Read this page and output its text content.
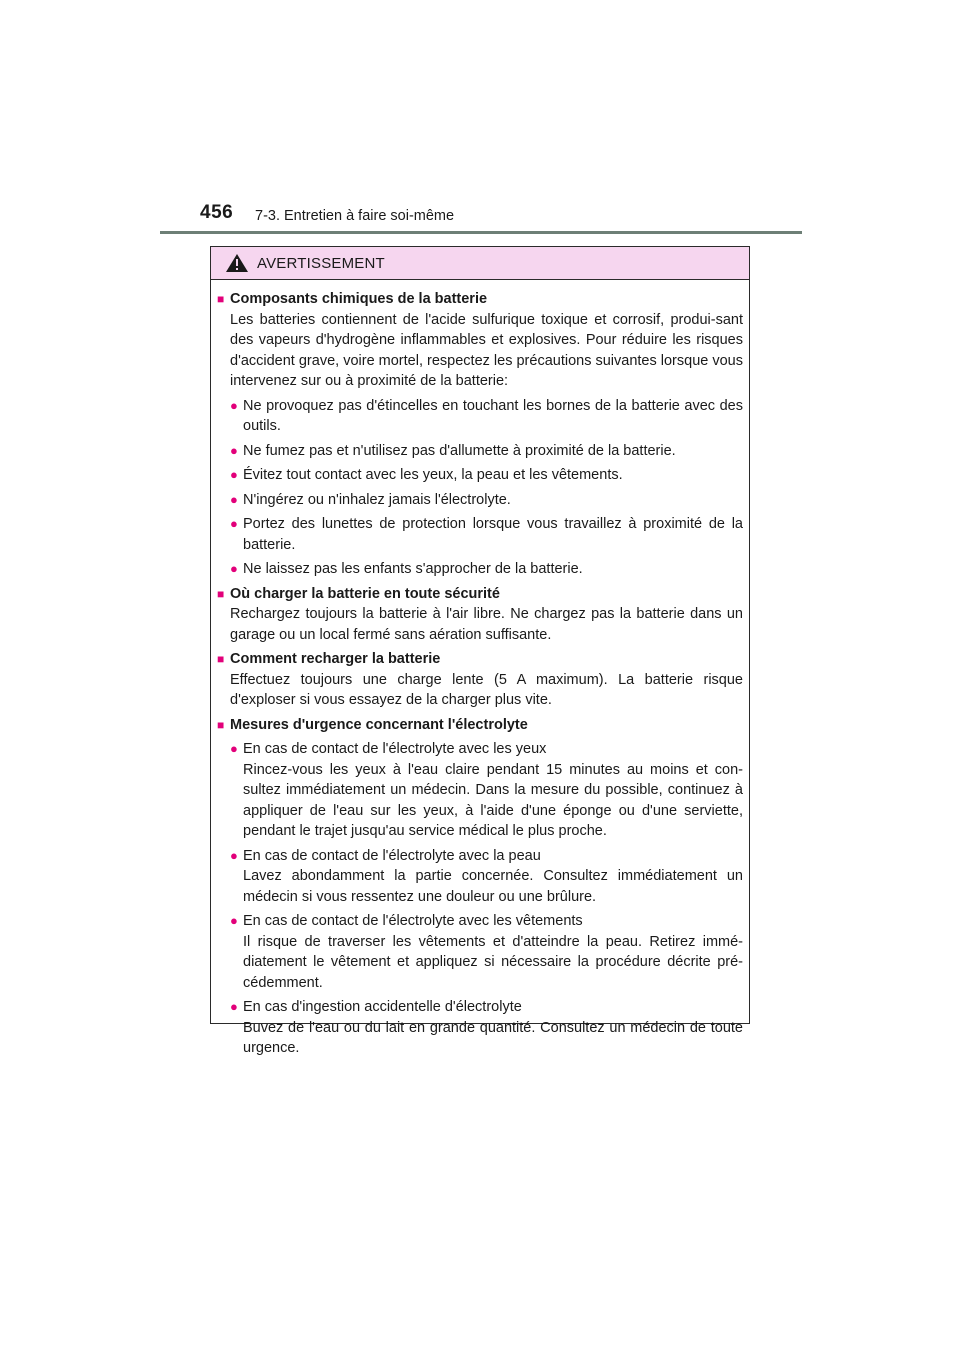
456 7-3. Entretien à faire soi-même
AVERTISSEMENT
■ Composants chimiques de la batterie
Les batteries contiennent de l'acide sulfurique toxique et corrosif, produi-sant des vapeurs d'hydrogène inflammables et explosives. Pour réduire les risques d'accident grave, voire mortel, respectez les précautions suivantes lorsque vous intervenez sur ou à proximité de la batterie:
● Ne provoquez pas d'étincelles en touchant les bornes de la batterie avec des outils.
● Ne fumez pas et n'utilisez pas d'allumette à proximité de la batterie.
● Évitez tout contact avec les yeux, la peau et les vêtements.
● N'ingérez ou n'inhalez jamais l'électrolyte.
● Portez des lunettes de protection lorsque vous travaillez à proximité de la batterie.
● Ne laissez pas les enfants s'approcher de la batterie.
■ Où charger la batterie en toute sécurité
Rechargez toujours la batterie à l'air libre. Ne chargez pas la batterie dans un garage ou un local fermé sans aération suffisante.
■ Comment recharger la batterie
Effectuez toujours une charge lente (5 A maximum). La batterie risque d'exploser si vous essayez de la charger plus vite.
■ Mesures d'urgence concernant l'électrolyte
● En cas de contact de l'électrolyte avec les yeux
Rincez-vous les yeux à l'eau claire pendant 15 minutes au moins et con-sultez immédiatement un médecin. Dans la mesure du possible, continuez à appliquer de l'eau sur les yeux, à l'aide d'une éponge ou d'une serviette, pendant le trajet jusqu'au service médical le plus proche.
● En cas de contact de l'électrolyte avec la peau
Lavez abondamment la partie concernée. Consultez immédiatement un médecin si vous ressentez une douleur ou une brûlure.
● En cas de contact de l'électrolyte avec les vêtements
Il risque de traverser les vêtements et d'atteindre la peau. Retirez immé-diatement le vêtement et appliquez si nécessaire la procédure décrite pré-cédemment.
● En cas d'ingestion accidentelle d'électrolyte
Buvez de l'eau ou du lait en grande quantité. Consultez un médecin de toute urgence.
